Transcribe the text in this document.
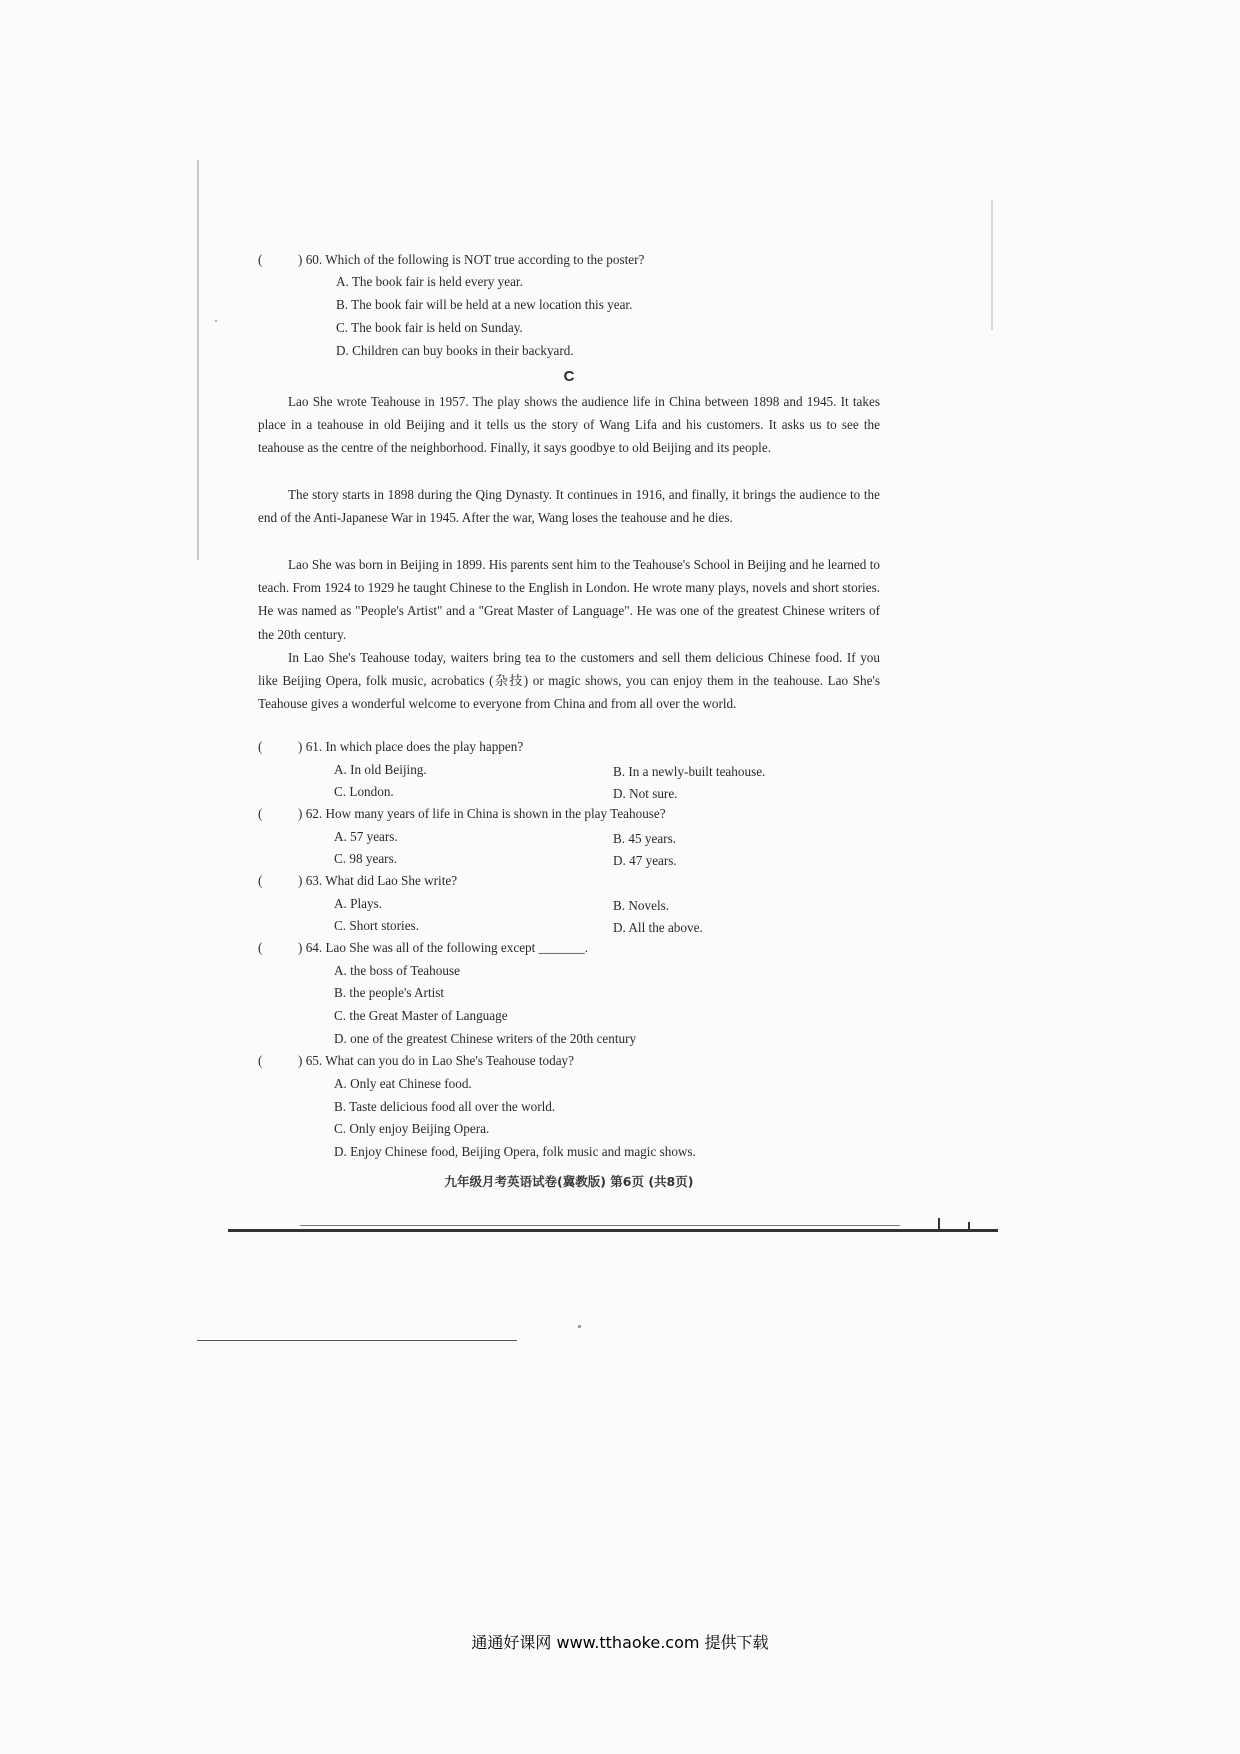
(	) 60. Which of the following is NOT true according to the poster?
A. The book fair is held every year.
B. The book fair will be held at a new location this year.
C. The book fair is held on Sunday.
D. Children can buy books in their backyard.
C

Lao She wrote Teahouse in 1957. The play shows the audience life in China between 1898 and 1945. It takes place in a teahouse in old Beijing and it tells us the story of Wang Lifa and his customers. It asks us to see the teahouse as the centre of the neighborhood. Finally, it says goodbye to old Beijing and its people.

The story starts in 1898 during the Qing Dynasty. It continues in 1916, and finally, it brings the audience to the end of the Anti-Japanese War in 1945. After the war, Wang loses the teahouse and he dies.

Lao She was born in Beijing in 1899. His parents sent him to the Teahouse's School in Beijing and he learned to teach. From 1924 to 1929 he taught Chinese to the English in London. He wrote many plays, novels and short stories. He was named as "People's Artist" and a "Great Master of Language". He was one of the greatest Chinese writers of the 20th century.

In Lao She's Teahouse today, waiters bring tea to the customers and sell them delicious Chinese food. If you like Beijing Opera, folk music, acrobatics (杂技) or magic shows, you can enjoy them in the teahouse. Lao She's Teahouse gives a wonderful welcome to everyone from China and from all over the world.

(	) 61. In which place does the play happen?
A. In old Beijing.	B. In a newly-built teahouse.
C. London.	D. Not sure.
(	) 62. How many years of life in China is shown in the play Teahouse?
A. 57 years.	B. 45 years.
C. 98 years.	D. 47 years.
(	) 63. What did Lao She write?
A. Plays.	B. Novels.
C. Short stories.	D. All the above.
(	) 64. Lao She was all of the following except _______.
A. the boss of Teahouse
B. the people's Artist
C. the Great Master of Language
D. one of the greatest Chinese writers of the 20th century
(	) 65. What can you do in Lao She's Teahouse today?
A. Only eat Chinese food.
B. Taste delicious food all over the world.
C. Only enjoy Beijing Opera.
D. Enjoy Chinese food, Beijing Opera, folk music and magic shows.
九年级月考英语试卷(冀教版) 第6页 (共8页)
通通好课网 www.tthaoke.com 提供下载
